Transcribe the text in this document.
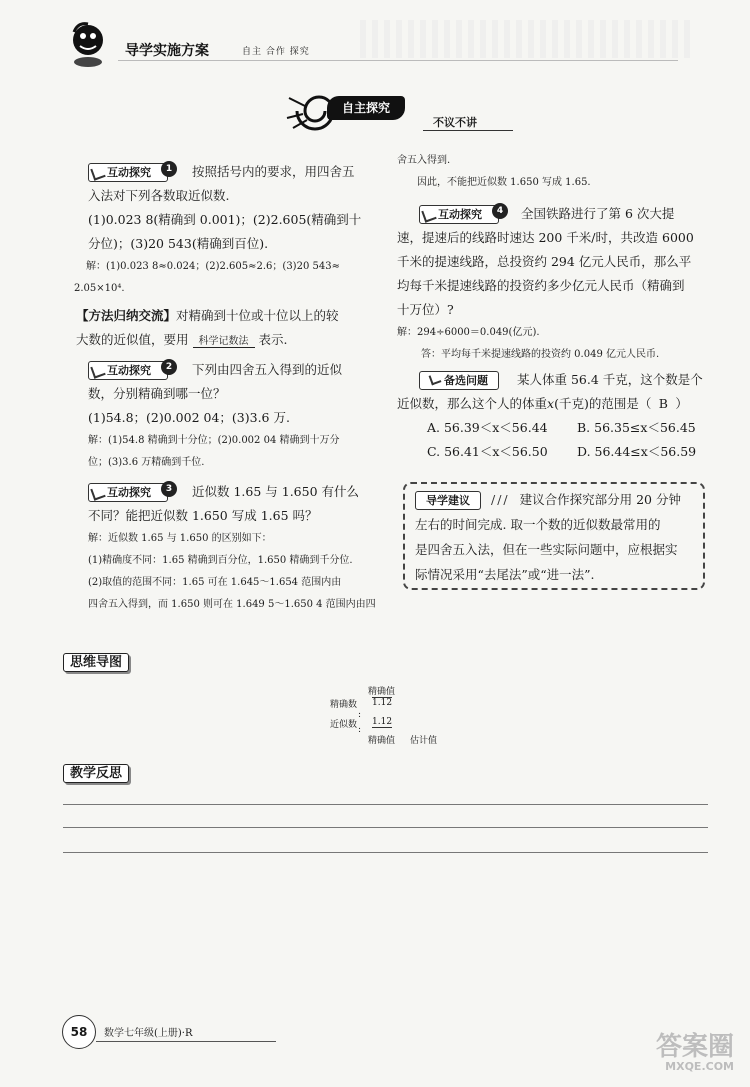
导学实施方案	自主 合作 探究
自主探究
不议不讲
互动探究	1	按照括号内的要求，用四舍五
入法对下列各数取近似数.
(1)0.023 8(精确到 0.001)；(2)2.605(精确到十
分位)；(3)20 543(精确到百位).
解：(1)0.023 8≈0.024；(2)2.605≈2.6；(3)20 543≈
2.05×10⁴.
【方法归纳交流】对精确到十位或十位以上的较
大数的近似值，要用 科学记数法 表示.
互动探究	2	下列由四舍五入得到的近似
数，分别精确到哪一位？
(1)54.8；(2)0.002 04；(3)3.6 万.
解：(1)54.8 精确到十分位；(2)0.002 04 精确到十万分
位；(3)3.6 万精确到千位.
互动探究	3	近似数 1.65 与 1.650 有什么
不同？能把近似数 1.650 写成 1.65 吗？
解：近似数 1.65 与 1.650 的区别如下：
(1)精确度不同：1.65 精确到百分位，1.650 精确到千分位.
(2)取值的范围不同：1.65 可在 1.645～1.654 范围内由
四舍五入得到，而 1.650 则可在 1.649 5～1.650 4 范围内由四
舍五入得到.
因此，不能把近似数 1.650 写成 1.65.
互动探究	4	全国铁路进行了第 6 次大提
速，提速后的线路时速达 200 千米/时，共改造 6000
千米的提速线路，总投资约 294 亿元人民币，那么平
均每千米提速线路的投资约多少亿元人民币（精确到
十万位）?
解：294÷6000＝0.049(亿元).
答：平均每千米提速线路的投资约 0.049 亿元人民币.
备选问题 某人体重 56.4 千克，这个数是个
近似数，那么这个人的体重x(千克)的范围是（ B ）
A. 56.39＜x＜56.44	B. 56.35≤x＜56.45
C. 56.41＜x＜56.50	D. 56.44≤x＜56.59
导学建议 /// 建议合作探究部分用 20 分钟
左右的时间完成. 取一个数的近似数最常用的
是四舍五入法，但在一些实际问题中，应根据实
际情况采用“去尾法”或“进一法”.
思维导图
精确值
精确数
:
1.12
近似数 :
1.12
精确值 估计值
教学反思
58	数学七年级(上册)·R	答案圈
MXQE.COM
